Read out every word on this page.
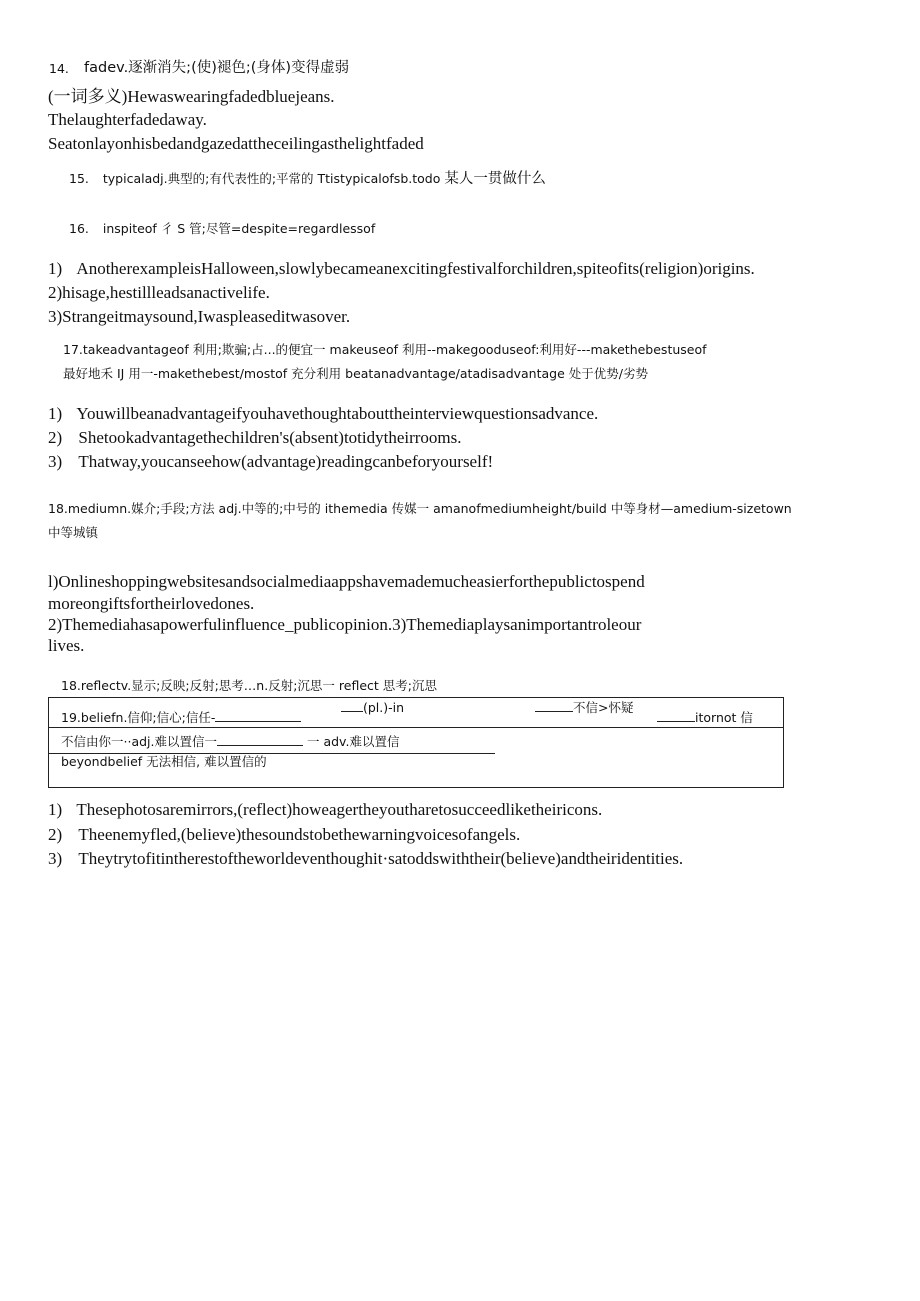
14. fadev.逐渐消失;(使)褪色;(身体)变得虚弱
(一词多义)Hewaswearingfadedbluejeans.
Thelaughterfadedaway.
Seatonlayonhisbedandgazedattheceilingasthelightfaded
15. typicaladj.典型的;有代表性的;平常的 Ttistypicalofsb.todo 某人一贯做什么
16. inspiteof 彳 S 管;尽管=despite=regardlessof
1) AnotherexampleisHalloween,slowlybecameanexcitingfestivalforchildren,spiteofits(religion)origins.
2)hisage,hestillleadsanactivelife.
3)Strangeitmaysound,Iwaspleaseditwasover.
17.takeadvantageof 利用;欺骗;占...的便宜一 makeuseof 利用--makegooduseof:利用好---makethebestuseof
最好地禾 IJ 用一-makethebest/mostof 充分利用 beatanadvantage/atadisadvantage 处于优势/劣势
1) Youwillbeanadvantageifyouhavethoughtabouttheinterviewquestionsadvance.
2) Shetookadvantagethechildren's(absent)totidytheirrooms.
3) Thatway,youcanseehow(advantage)readingcanbeforyourself!
18.mediumn.媒介;手段;方法 adj.中等的;中号的 ithemedia 传媒一 amanofmediumheight/build 中等身材—amedium-sizetown
中等城镇
l)Onlineshoppingwebsitesandsocialmediaappshavemademucheasierforthepublictospend
moreongiftsfortheirlovedones.
2)Themediahasapowerfulinfluence_publicopinion.3)Themediaplaysanimportantroleour
lives.
18.reflectv.显示;反映;反射;思考…n.反射;沉思一 reflect 思考;沉思
19.beliefn.信仰;信心;信任-
(pl.)-in	不信>怀疑
itornot 信
不信由你一··adj.难以置信一	一 adv.难以置信
beyondbelief 无法相信, 难以置信的
1) Thesephotosaremirrors,(reflect)howeagertheyoutharetosucceedliketheiricons.
2) Theenemyfled,(believe)thesoundstobethewarningvoicesofangels.
3) Theytrytofitintherestoftheworldeventhoughit·satoddswiththeir(believe)andtheiridentities.
